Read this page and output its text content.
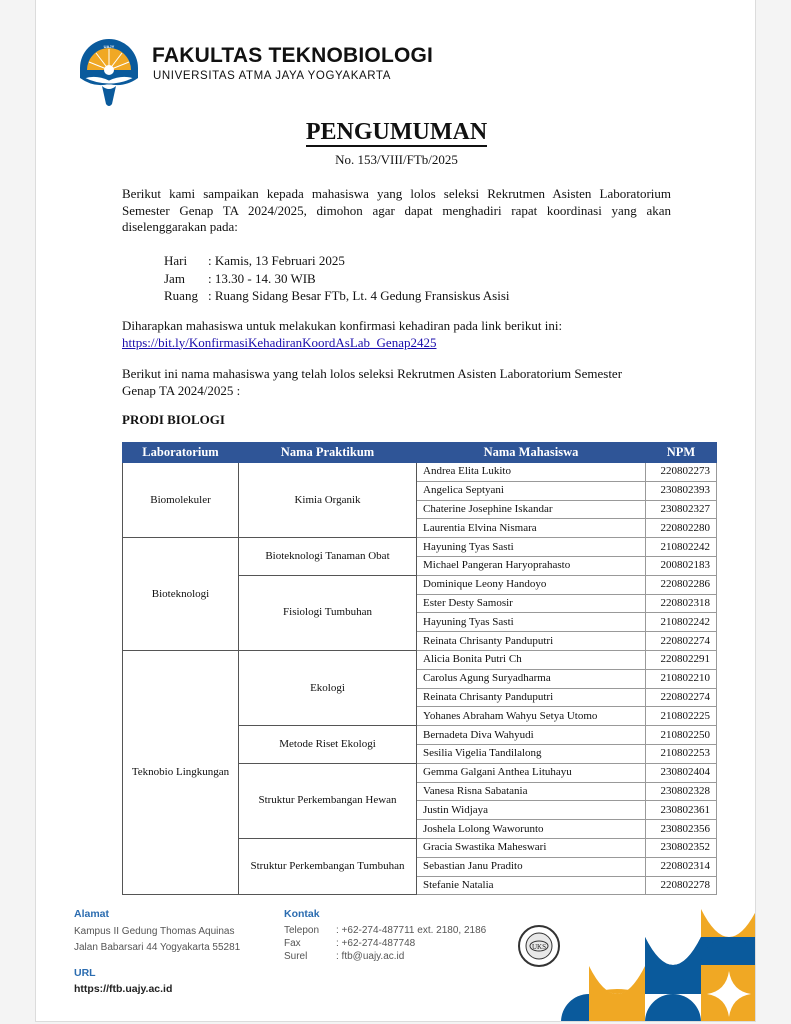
UAJY FAKULTAS TEKNOBIOLOGI
UNIVERSITAS ATMA JAYA YOGYAKARTA
PENGUMUMAN
No. 153/VIII/FTb/2025
Berikut kami sampaikan kepada mahasiswa yang lolos seleksi Rekrutmen Asisten Laboratorium Semester Genap TA 2024/2025, dimohon agar dapat menghadiri rapat koordinasi yang akan diselenggarakan pada:
Hari	: Kamis, 13 Februari 2025
Jam	: 13.30 - 14. 30 WIB
Ruang : Ruang Sidang Besar FTb, Lt. 4 Gedung Fransiskus Asisi
Diharapkan mahasiswa untuk melakukan konfirmasi kehadiran pada link berikut ini:
https://bit.ly/KonfirmasiKehadiranKoordAsLab_Genap2425
Berikut ini nama mahasiswa yang telah lolos seleksi Rekrutmen Asisten Laboratorium Semester Genap TA 2024/2025 :
PRODI BIOLOGI
Laboratorium	Nama Praktikum	Nama Mahasiswa	NPM
Biomolekuler	Kimia Organik	Andrea Elita Lukito	220802273
		Angelica Septyani	230802393
		Chaterine Josephine Iskandar	230802327
		Laurentia Elvina Nismara	220802280
Bioteknologi	Bioteknologi Tanaman Obat	Hayuning Tyas Sasti	210802242
		Michael Pangeran Haryoprahasto	200802183
	Fisiologi Tumbuhan	Dominique Leony Handoyo	220802286
		Ester Desty Samosir	220802318
		Hayuning Tyas Sasti	210802242
		Reinata Chrisanty Panduputri	220802274
Teknobio Lingkungan	Ekologi	Alicia Bonita Putri Ch	220802291
		Carolus Agung Suryadharma	210802210
		Reinata Chrisanty Panduputri	220802274
		Yohanes Abraham Wahyu Setya Utomo	210802225
	Metode Riset Ekologi	Bernadeta Diva Wahyudi	210802250
		Sesilia Vigelia Tandilalong	210802253
	Struktur Perkembangan Hewan	Gemma Galgani Anthea Lituhayu	230802404
		Vanesa Risna Sabatania	230802328
		Justin Widjaya	230802361
		Joshela Lolong Waworunto	230802356
	Struktur Perkembangan Tumbuhan	Gracia Swastika Maheswari	230802352
		Sebastian Janu Pradito	220802314
		Stefanie Natalia	220802278
Alamat
Kampus II Gedung Thomas Aquinas
Jalan Babarsari 44 Yogyakarta 55281
URL
https://ftb.uajy.ac.id
Kontak
Telepon	: +62-274-487711 ext. 2180, 2186
Fax	: +62-274-487748
Surel	: ftb@uajy.ac.id
UKS
